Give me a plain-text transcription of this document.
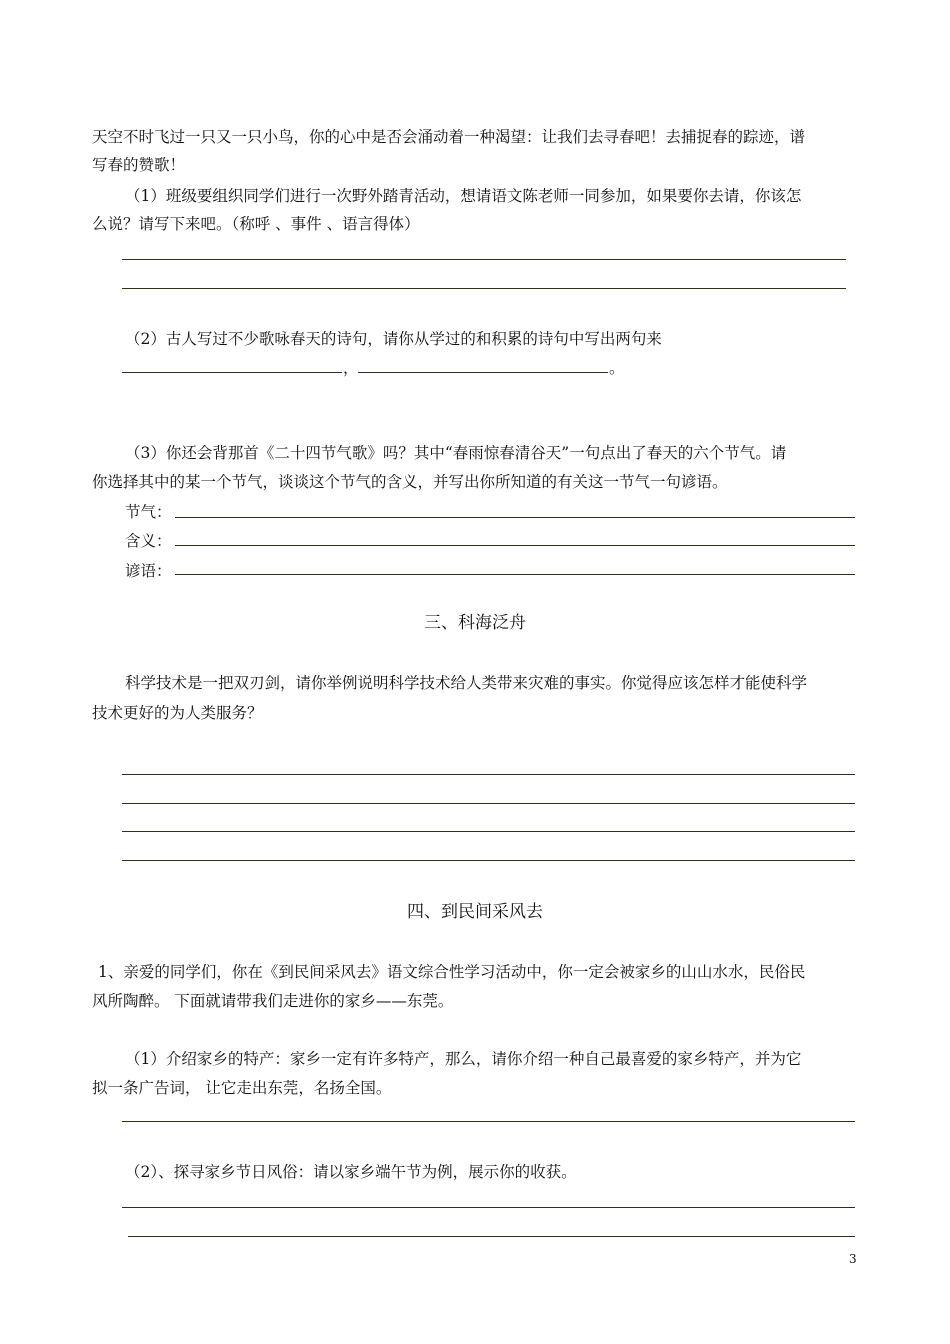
天空不时飞过一只又一只小鸟，你的心中是否会涌动着一种渴望：让我们去寻春吧！去捕捉春的踪迹，谱
写春的赞歌！
（1）班级要组织同学们进行一次野外踏青活动，想请语文陈老师一同参加，如果要你去请，你该怎
么说？请写下来吧。（称呼 、事件 、语言得体）
（2）古人写过不少歌咏春天的诗句，请你从学过的和积累的诗句中写出两句来
，	。
（3）你还会背那首《二十四节气歌》吗？其中“春雨惊春清谷天”一句点出了春天的六个节气。请
你选择其中的某一个节气，谈谈这个节气的含义，并写出你所知道的有关这一节气一句谚语。
节气：
含义：
谚语：
三、科海泛舟
科学技术是一把双刃剑，请你举例说明科学技术给人类带来灾难的事实。你觉得应该怎样才能使科学
技术更好的为人类服务？
四、到民间采风去
1、亲爱的同学们，你在《到民间采风去》语文综合性学习活动中，你一定会被家乡的山山水水，民俗民
风所陶醉。 下面就请带我们走进你的家乡——东莞。
（1）介绍家乡的特产：家乡一定有许多特产，那么，请你介绍一种自己最喜爱的家乡特产，并为它
拟一条广告词， 让它走出东莞，名扬全国。
（2）、探寻家乡节日风俗：请以家乡端午节为例，展示你的收获。
3
